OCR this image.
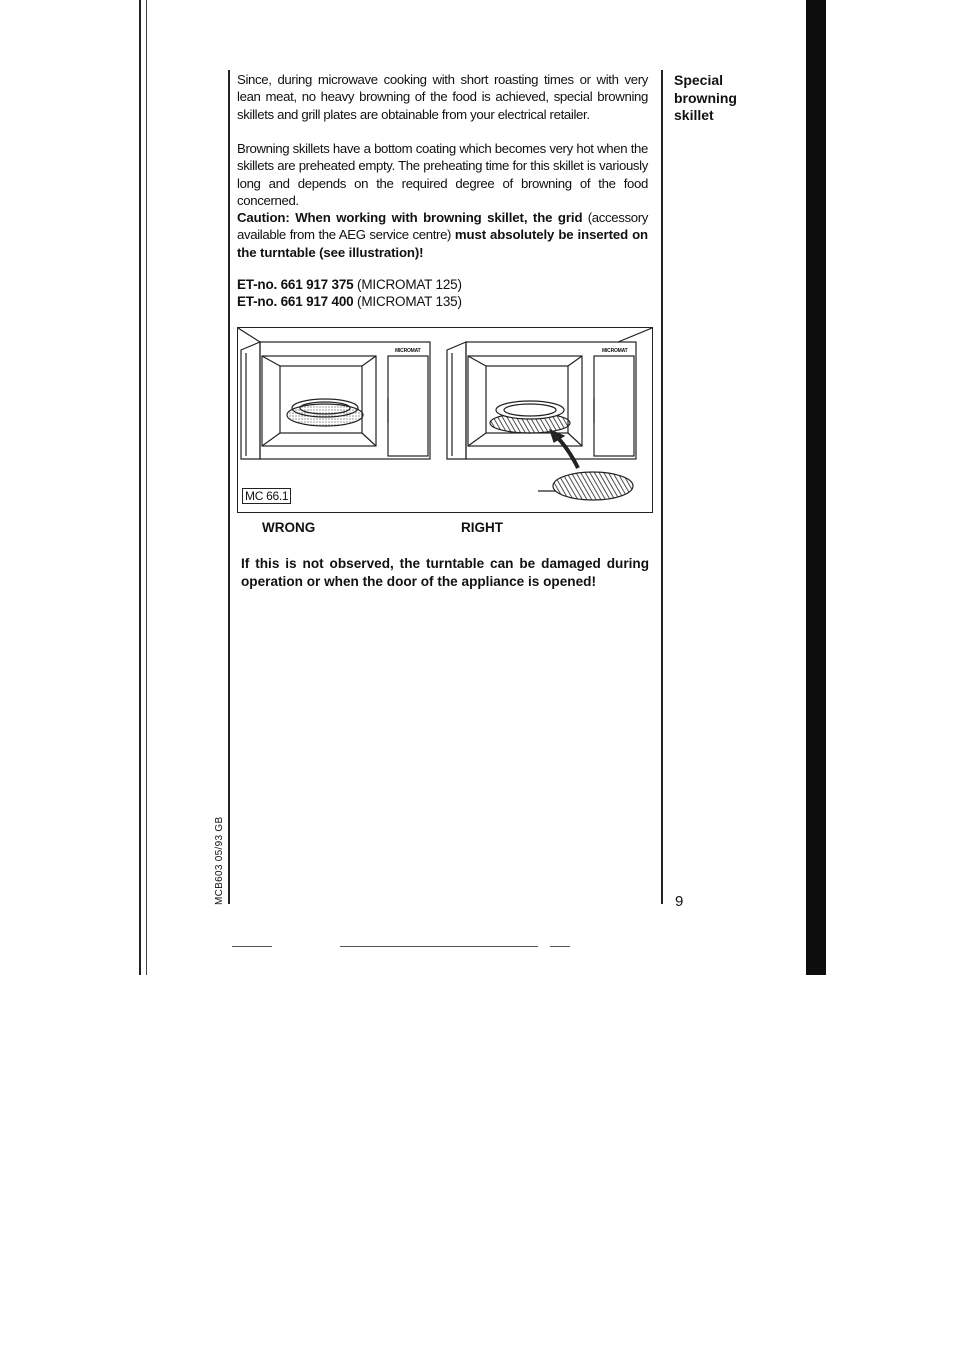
Special
browning
skillet
Since, during microwave cooking with short roasting times or with very lean meat, no heavy browning of the food is achieved, special browning skillets and grill plates are obtainable from your electrical retailer.
Browning skillets have a bottom coating which becomes very hot when the skillets are preheated empty. The preheating time for this skillet is variously long and depends on the required degree of browning of the food concerned.
Caution: When working with browning skillet, the grid (accessory available from the AEG service centre) must absolutely be inserted on the turntable (see illustration)!
ET-no. 661 917 375 (MICROMAT 125)
ET-no. 661 917 400 (MICROMAT 135)
MICROMAT	MICROMAT
MC 66.1
WRONG	RIGHT
If this is not observed, the turntable can be damaged during operation or when the door of the appliance is opened!
9
MCB603 05/93 GB
